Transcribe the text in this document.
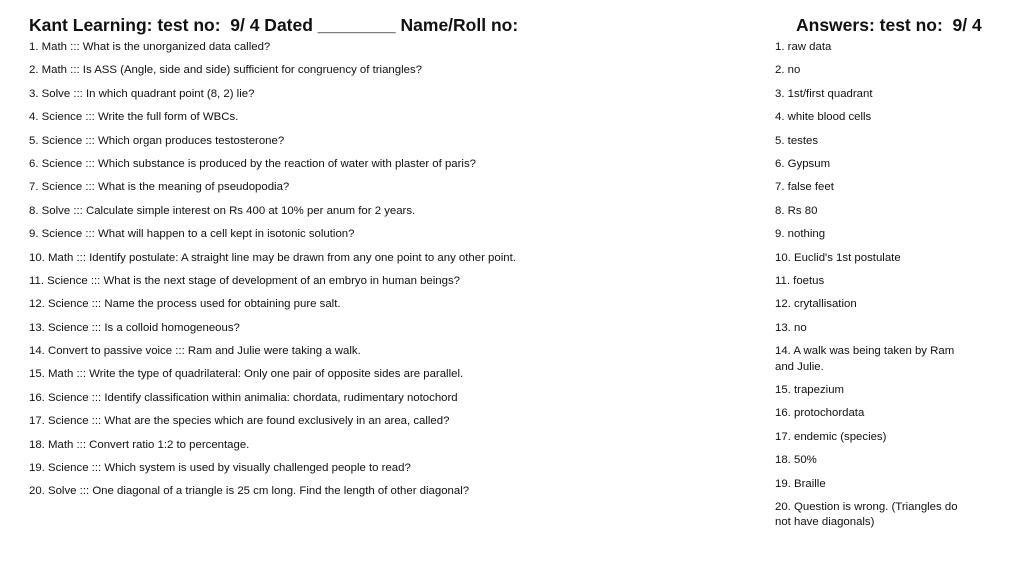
Kant Learning: test no:  9/ 4 Dated ________ Name/Roll no:	Answers: test no:  9/ 4
1. Math ::: What is the unorganized data called?
2. Math ::: Is ASS (Angle, side and side) sufficient for congruency of triangles?
3. Solve ::: In which quadrant point (8, 2) lie?
4. Science ::: Write the full form of WBCs.
5. Science ::: Which organ produces testosterone?
6. Science ::: Which substance is produced by the reaction of water with plaster of paris?
7. Science ::: What is the meaning of pseudopodia?
8. Solve ::: Calculate simple interest on Rs 400 at 10% per anum for 2 years.
9. Science ::: What will happen to a cell kept in isotonic solution?
10. Math ::: Identify postulate: A straight line may be drawn from any one point to any other point.
11. Science ::: What is the next stage of development of an embryo in human beings?
12. Science ::: Name the process used for obtaining pure salt.
13. Science ::: Is a colloid homogeneous?
14. Convert to passive voice ::: Ram and Julie were taking a walk.
15. Math ::: Write the type of quadrilateral: Only one pair of opposite sides are parallel.
16. Science ::: Identify classification within animalia: chordata, rudimentary notochord
17. Science ::: What are the species which are found exclusively in an area, called?
18. Math ::: Convert ratio 1:2 to percentage.
19. Science ::: Which system is used by visually challenged people to read?
20. Solve ::: One diagonal of a triangle is 25 cm long. Find the length of other diagonal?
1. raw data
2. no
3. 1st/first quadrant
4. white blood cells
5. testes
6. Gypsum
7. false feet
8. Rs 80
9. nothing
10. Euclid's 1st postulate
11. foetus
12. crytallisation
13. no
14. A walk was being taken by Ram and Julie.
15. trapezium
16. protochordata
17. endemic (species)
18. 50%
19. Braille
20. Question is wrong. (Triangles do not have diagonals)
